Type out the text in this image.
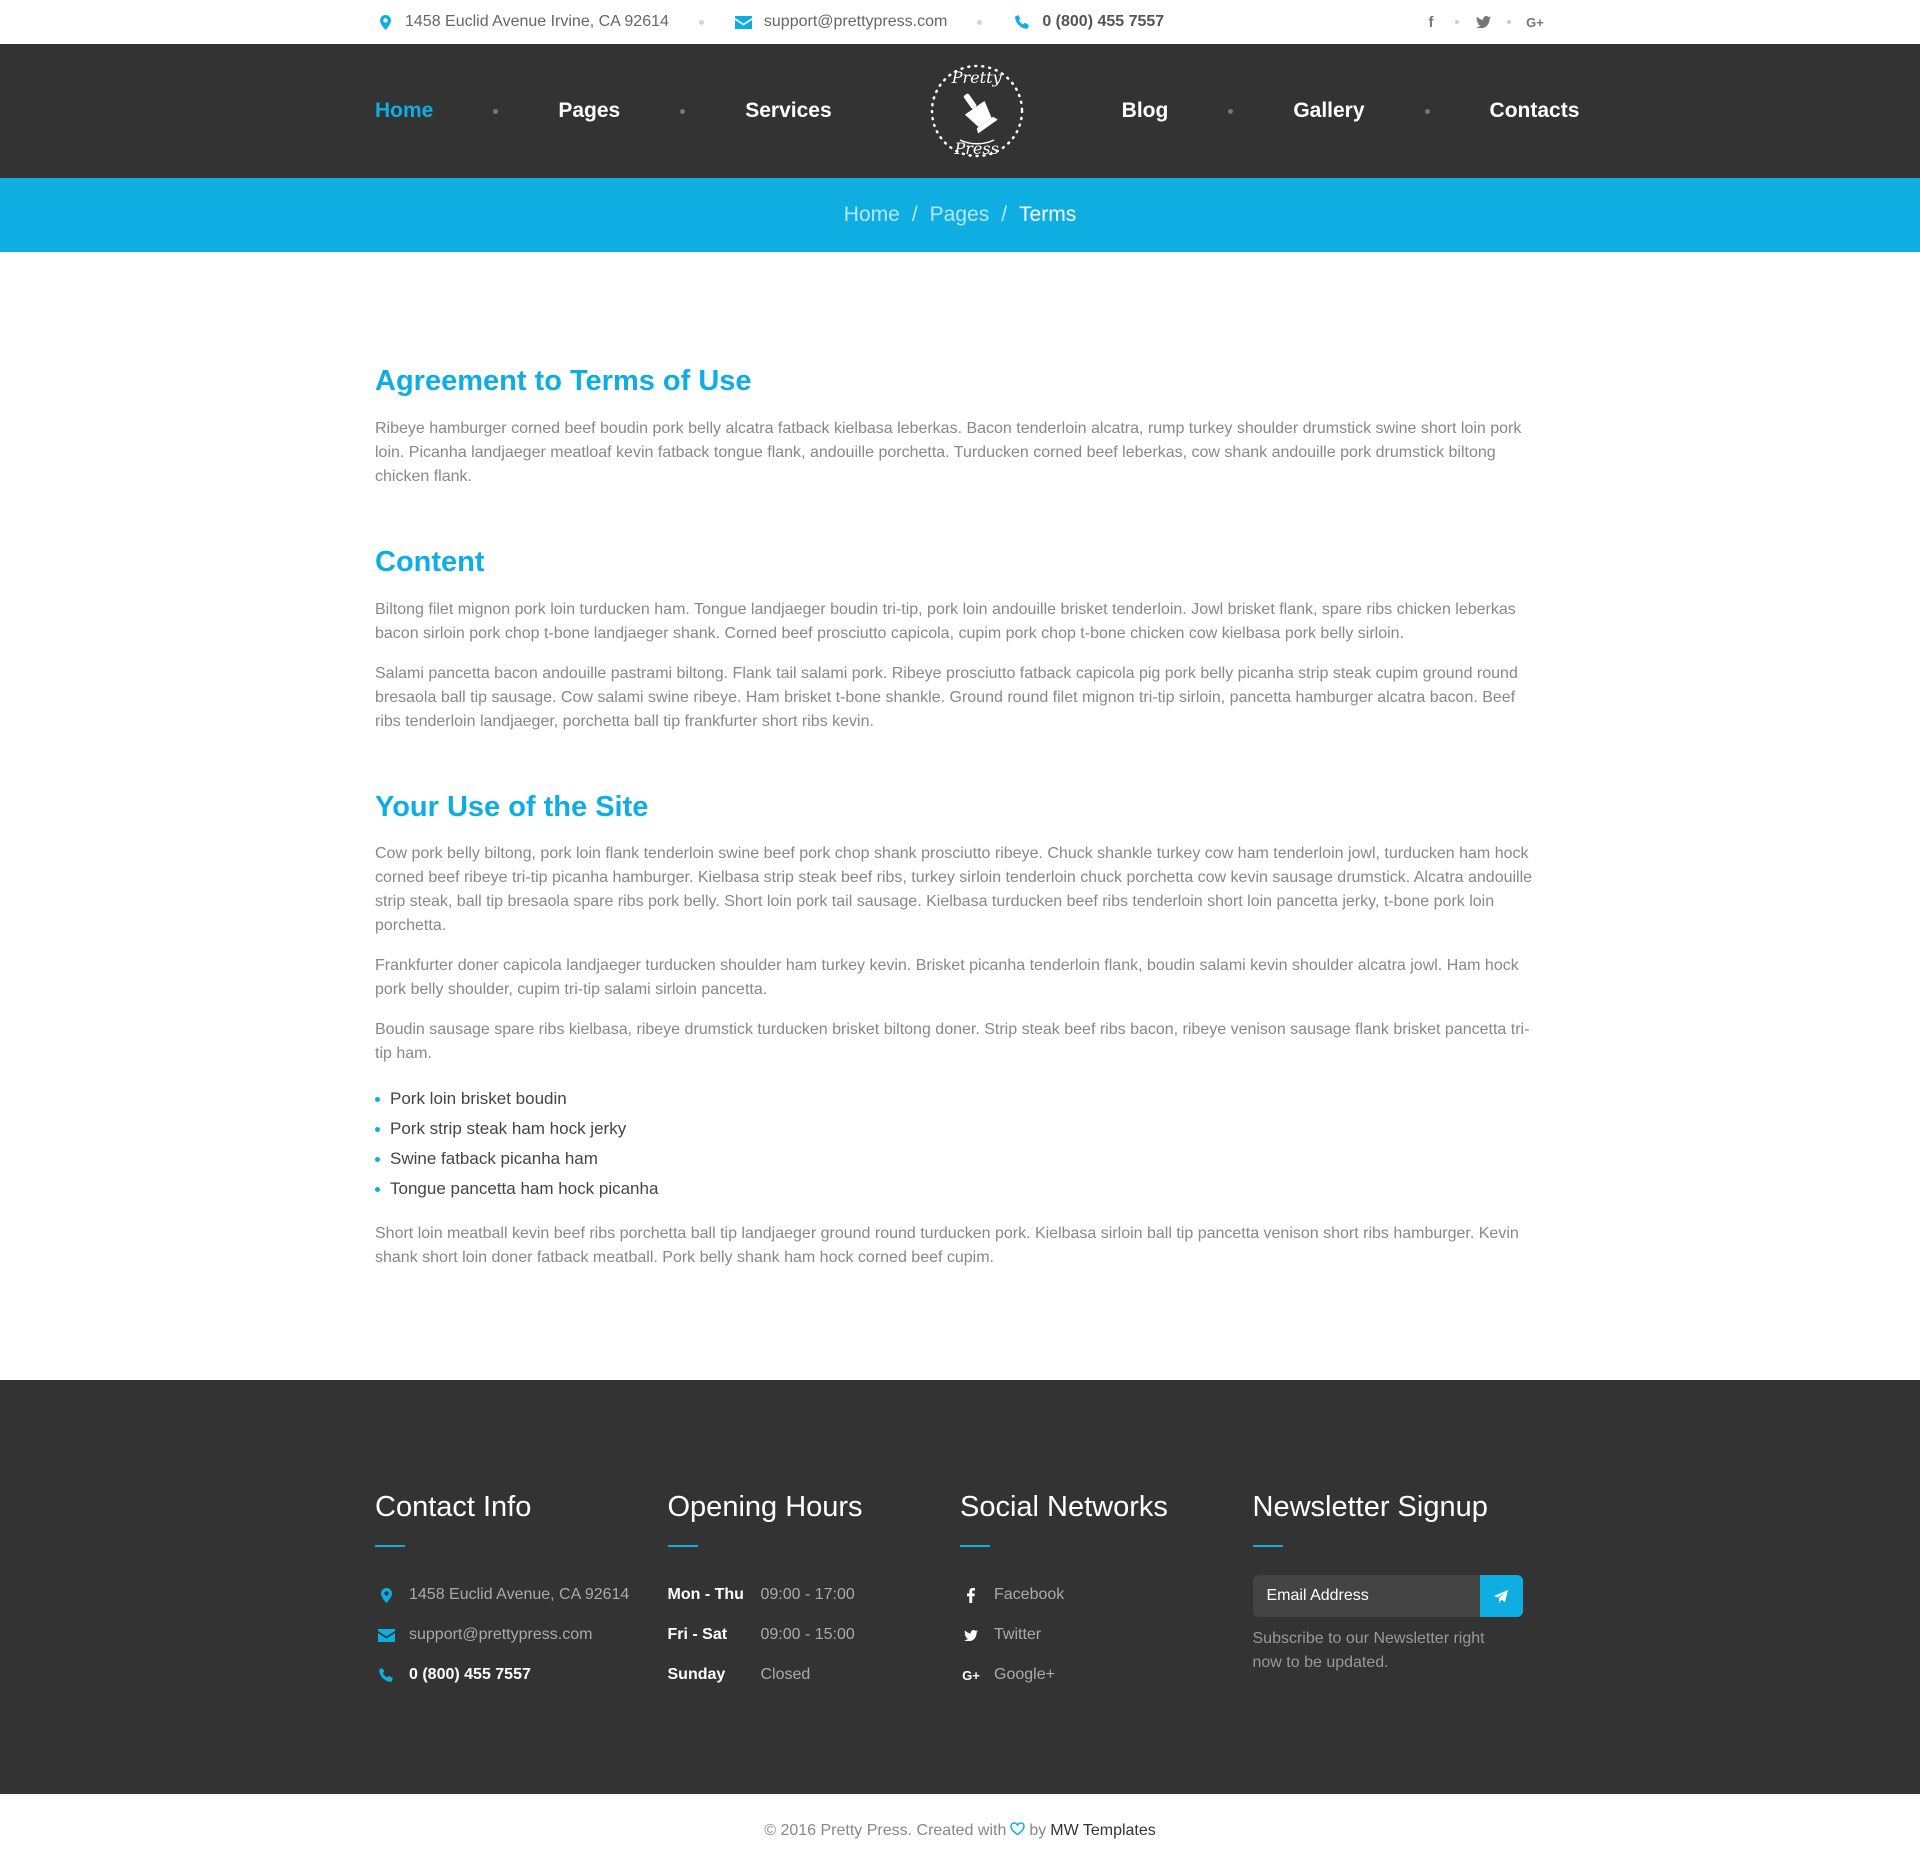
1458 Euclid Avenue Irvine, CA 92614	support@prettypress.com	0 (800) 455 7557	f	G+
Home	Pages	Services
Pretty
Press
Blog	Gallery	Contacts
Home / Pages / Terms
Agreement to Terms of Use

Ribeye hamburger corned beef boudin pork belly alcatra fatback kielbasa leberkas. Bacon tenderloin alcatra, rump turkey shoulder drumstick swine short loin pork loin. Picanha landjaeger meatloaf kevin fatback tongue flank, andouille porchetta. Turducken corned beef leberkas, cow shank andouille pork drumstick biltong chicken flank.

Content

Biltong filet mignon pork loin turducken ham. Tongue landjaeger boudin tri-tip, pork loin andouille brisket tenderloin. Jowl brisket flank, spare ribs chicken leberkas bacon sirloin pork chop t-bone landjaeger shank. Corned beef prosciutto capicola, cupim pork chop t-bone chicken cow kielbasa pork belly sirloin.

Salami pancetta bacon andouille pastrami biltong. Flank tail salami pork. Ribeye prosciutto fatback capicola pig pork belly picanha strip steak cupim ground round bresaola ball tip sausage. Cow salami swine ribeye. Ham brisket t-bone shankle. Ground round filet mignon tri-tip sirloin, pancetta hamburger alcatra bacon. Beef ribs tenderloin landjaeger, porchetta ball tip frankfurter short ribs kevin.

Your Use of the Site

Cow pork belly biltong, pork loin flank tenderloin swine beef pork chop shank prosciutto ribeye. Chuck shankle turkey cow ham tenderloin jowl, turducken ham hock corned beef ribeye tri-tip picanha hamburger. Kielbasa strip steak beef ribs, turkey sirloin tenderloin chuck porchetta cow kevin sausage drumstick. Alcatra andouille strip steak, ball tip bresaola spare ribs pork belly. Short loin pork tail sausage. Kielbasa turducken beef ribs tenderloin short loin pancetta jerky, t-bone pork loin porchetta.

Frankfurter doner capicola landjaeger turducken shoulder ham turkey kevin. Brisket picanha tenderloin flank, boudin salami kevin shoulder alcatra jowl. Ham hock pork belly shoulder, cupim tri-tip salami sirloin pancetta.

Boudin sausage spare ribs kielbasa, ribeye drumstick turducken brisket biltong doner. Strip steak beef ribs bacon, ribeye venison sausage flank brisket pancetta tri-tip ham.

Pork loin brisket boudin
Pork strip steak ham hock jerky
Swine fatback picanha ham
Tongue pancetta ham hock picanha

Short loin meatball kevin beef ribs porchetta ball tip landjaeger ground round turducken pork. Kielbasa sirloin ball tip pancetta venison short ribs hamburger. Kevin shank short loin doner fatback meatball. Pork belly shank ham hock corned beef cupim.

Contact Info
1458 Euclid Avenue, CA 92614
support@prettypress.com
0 (800) 455 7557
Opening Hours
Mon - Thu	09:00 - 17:00
Fri - Sat	09:00 - 15:00
Sunday	Closed
Social Networks
Facebook
Twitter
G+ Google+
Newsletter Signup
Email Address

Subscribe to our Newsletter right now to be updated.

© 2016 Pretty Press. Created with by MW Templates
